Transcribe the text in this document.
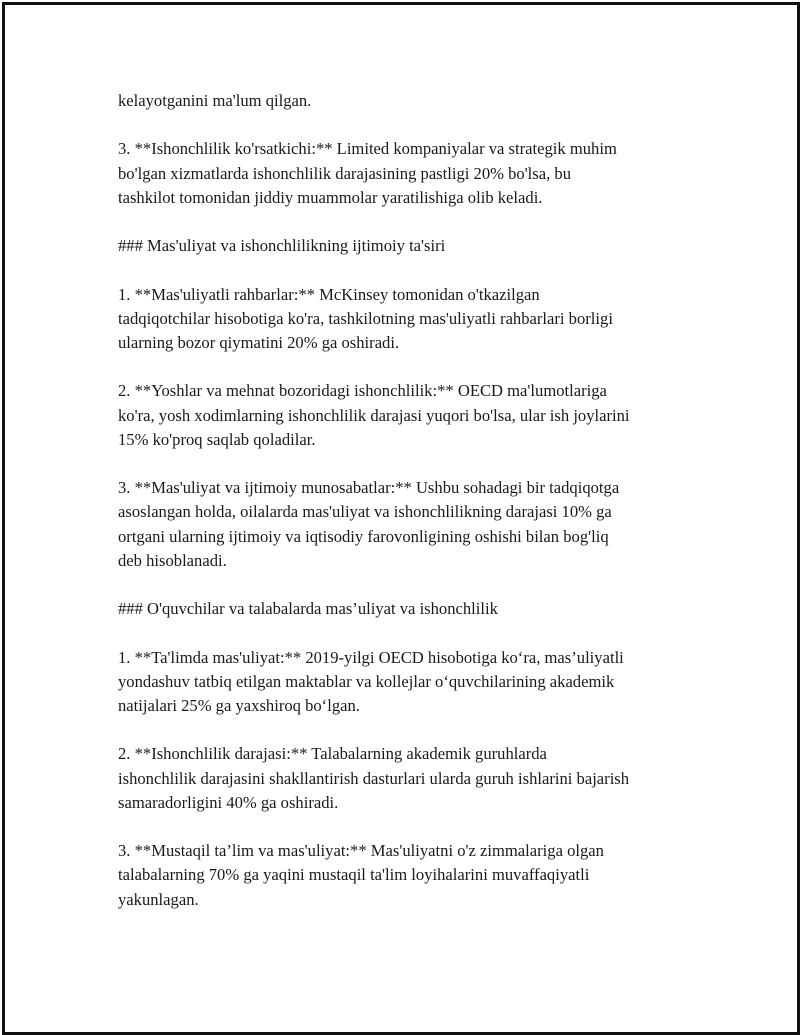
kelayotganini ma'lum qilgan.

3. **Ishonchlilik ko'rsatkichi:** Limited kompaniyalar va strategik muhim
bo'lgan xizmatlarda ishonchlilik darajasining pastligi 20% bo'lsa, bu
tashkilot tomonidan jiddiy muammolar yaratilishiga olib keladi.

### Mas'uliyat va ishonchlilikning ijtimoiy ta'siri

1. **Mas'uliyatli rahbarlar:** McKinsey tomonidan o'tkazilgan
tadqiqotchilar hisobotiga ko'ra, tashkilotning mas'uliyatli rahbarlari borligi
ularning bozor qiymatini 20% ga oshiradi.

2. **Yoshlar va mehnat bozoridagi ishonchlilik:** OECD ma'lumotlariga
ko'ra, yosh xodimlarning ishonchlilik darajasi yuqori bo'lsa, ular ish joylarini
15% ko'proq saqlab qoladilar.

3. **Mas'uliyat va ijtimoiy munosabatlar:** Ushbu sohadagi bir tadqiqotga
asoslangan holda, oilalarda mas'uliyat va ishonchlilikning darajasi 10% ga
ortgani ularning ijtimoiy va iqtisodiy farovonligining oshishi bilan bog'liq
deb hisoblanadi.

### O'quvchilar va talabalarda mas’uliyat va ishonchlilik

1. **Ta'limda mas'uliyat:** 2019-yilgi OECD hisobotiga ko‘ra, mas’uliyatli
yondashuv tatbiq etilgan maktablar va kollejlar o‘quvchilarining akademik
natijalari 25% ga yaxshiroq bo‘lgan.

2. **Ishonchlilik darajasi:** Talabalarning akademik guruhlarda
ishonchlilik darajasini shakllantirish dasturlari ularda guruh ishlarini bajarish
samaradorligini 40% ga oshiradi.

3. **Mustaqil ta’lim va mas'uliyat:** Mas'uliyatni o'z zimmalariga olgan
talabalarning 70% ga yaqini mustaqil ta'lim loyihalarini muvaffaqiyatli
yakunlagan.
